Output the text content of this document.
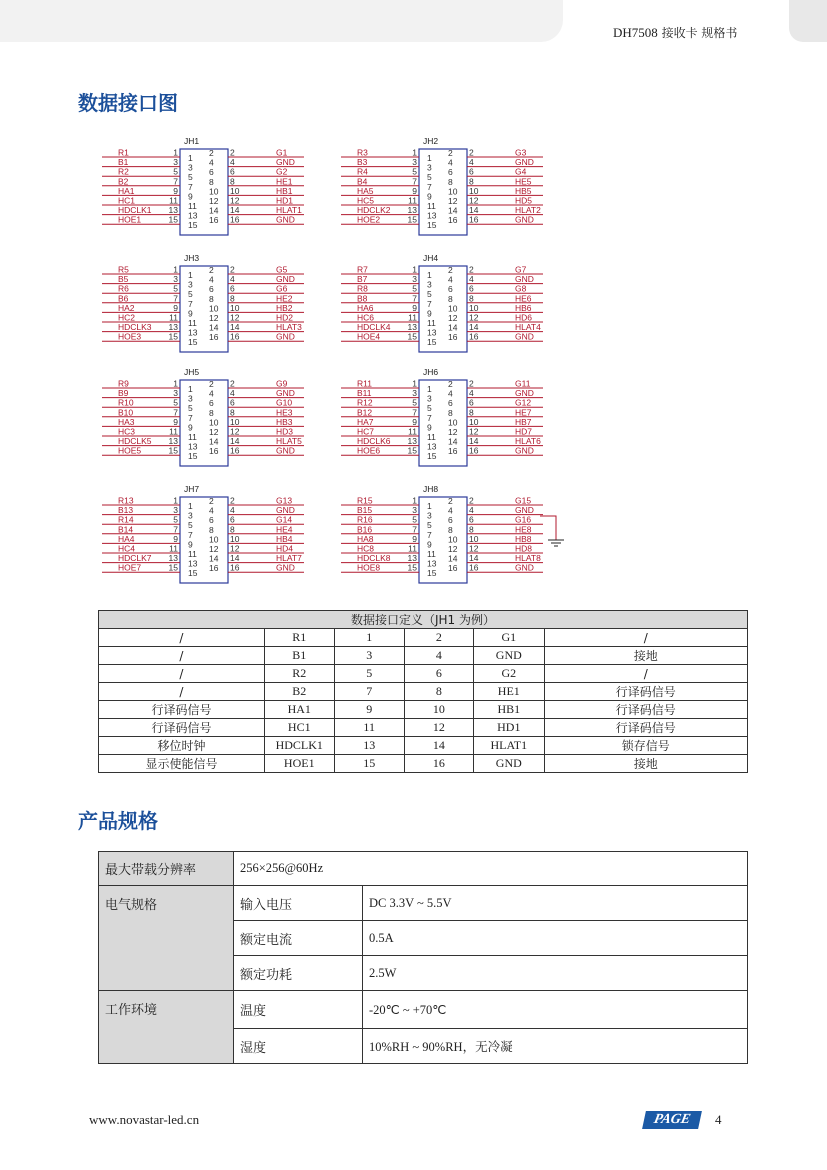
DH7508 接收卡 规格书
数据接口图
JH1
R1	1	2	G1
1 2
B1	3	4	GND
3 4
R2	5	6	G2
5 6
B2	7	8	HE1
7 8
HA1	9	10	HB1
9 10
HC1	11	12	HD1
11 12
HDCLK1 13	14	HLAT1
13 14
HOE1	15	16	GND
15 16
JH2
R3	1	2	G3
1 2
B3	3	4	GND
3 4
R4	5	6	G4
5 6
B4	7	8	HE5
7 8
HA5	9	10	HB5
9 10
HC5	11	12	HD5
11 12
HDCLK2 13	14	HLAT2
13 14
HOE2	15	16	GND
15 16
JH3
R5	1	2	G5
1 2
B5	3	4	GND
3 4
R6	5	6	G6
5 6
B6	7	8	HE2
7 8
HA2	9	10	HB2
9 10
HC2	11	12	HD2
11 12
HDCLK3 13	14	HLAT3
13 14
HOE3	15	16	GND
15 16
JH4
R7	1	2	G7
1 2
B7	3	4	GND
3 4
R8	5	6	G8
5 6
B8	7	8	HE6
7 8
HA6	9	10	HB6
9 10
HC6	11	12	HD6
11 12
HDCLK4 13	14	HLAT4
13 14
HOE4	15	16	GND
15 16
JH5
R9	1	2	G9
1 2
B9	3	4	GND
3 4
R10	5	6	G10
5 6
B10	7	8	HE3
7 8
HA3	9	10	HB3
9 10
HC3	11	12	HD3
11 12
HDCLK5 13	14	HLAT5
13 14
HOE5	15	16	GND
15 16
JH6
R11	1	2	G11
1 2
B11	3	4	GND
3 4
R12	5	6	G12
5 6
B12	7	8	HE7
7 8
HA7	9	10	HB7
9 10
HC7	11	12	HD7
11 12
HDCLK6 13	14	HLAT6
13 14
HOE6	15	16	GND
15 16
JH7
R13	1	2	G13
1 2
B13	3	4	GND
3
4
R14	5	6	G14
5 6
B14	7	8	HE4
7 8
HA4	9	10	HB4
9 10
HC4	11	12	HD4
11 12
HDCLK7 13	14	HLAT7
13 14
HOE7	15	16	GND
15 16
JH8
R15	1	2	G15
1 2
B15	3	4	GND
3
4
R16	5	6	G16
5 6
B16	7	8	HE8
7 8
HA8	9	10	HB8
9 10
HC8	11	12	HD8
11 12
HDCLK8 13	14	HLAT8
13 14
HOE8	15	16	GND
15 16
数据接口定义（JH1 为例）					
/	R1	1	2	G1	/
/	B1	3	4	GND	接地
/	R2	5	6	G2	/
/	B2	7	8	HE1	行译码信号
行译码信号	HA1	9	10	HB1	行译码信号
行译码信号	HC1	11	12	HD1	行译码信号
移位时钟	HDCLK1	13	14	HLAT1	锁存信号
显示使能信号	HOE1	15	16	GND	接地
产品规格
最大带载分辨率	256×256@60Hz	
电气规格	输入电压	DC 3.3V ~ 5.5V
	额定电流	0.5A
	额定功耗	2.5W
工作环境	温度	-20℃ ~ +70℃
	湿度	10%RH ~ 90%RH，无冷凝
www.novastar-led.cn	PAGE	4
